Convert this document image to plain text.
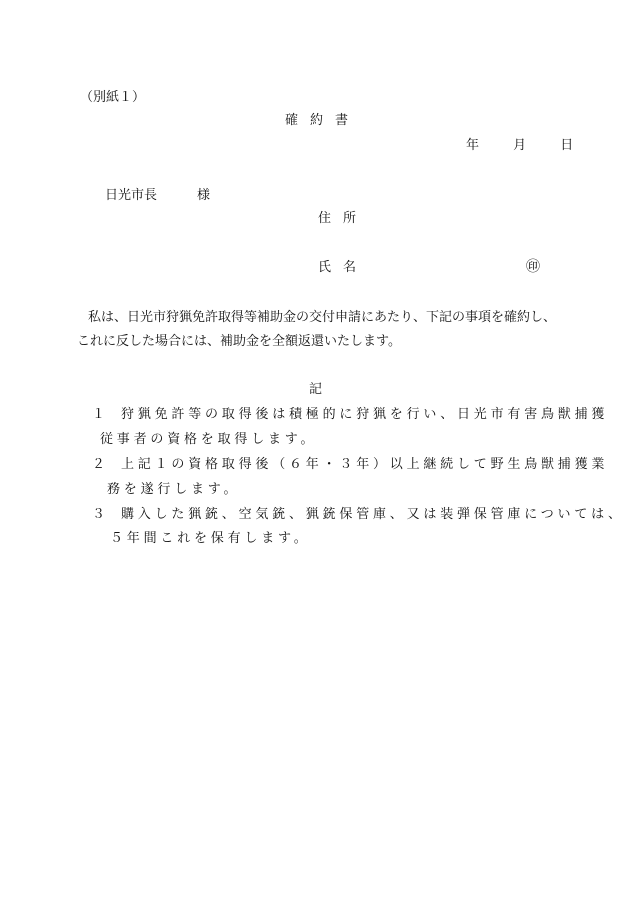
（別紙１）
確約書
年 月 日
日光市長	様
住所
氏名	㊞
私は、日光市狩猟免許取得等補助金の交付申請にあたり、下記の事項を確約し、
これに反した場合には、補助金を全額返還いたします。
記
１ 狩猟免許等の取得後は積極的に狩猟を行い、日光市有害鳥獣捕獲
従事者の資格を取得します。
２ 上記１の資格取得後（６年・３年）以上継続して野生鳥獣捕獲業
務を遂行します。
３ 購入した猟銃、空気銃、猟銃保管庫、又は装弾保管庫については、
５年間これを保有します。
